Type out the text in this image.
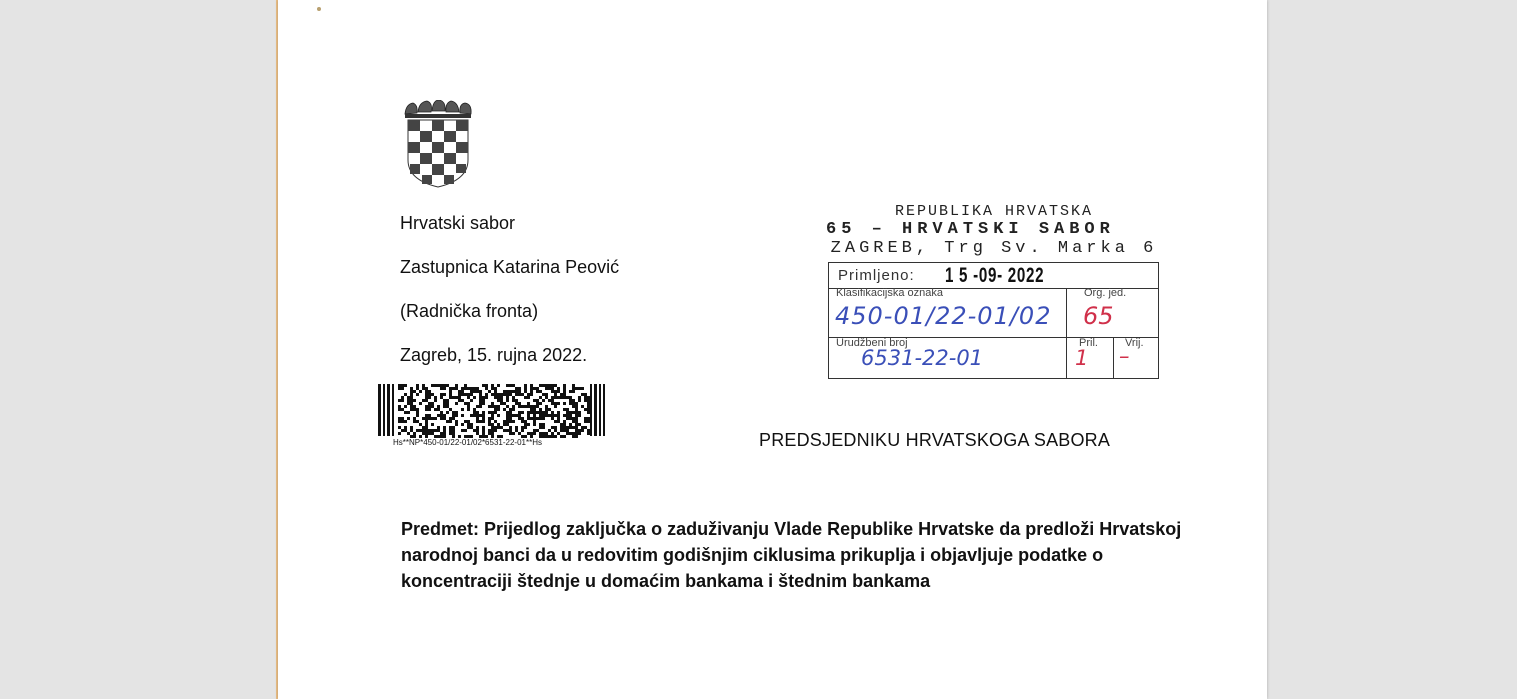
Hrvatski sabor
Zastupnica Katarina Peović
(Radnička fronta)
Zagreb, 15. rujna 2022.
Hs**NP*450-01/22-01/02*6531-22-01**Hs
REPUBLIKA HRVATSKA
65 – HRVATSKI SABOR
ZAGREB, Trg Sv. Marka 6
Primljeno: 1 5 -09- 2022
Klasifikacijska oznaka	Org. jed.
450-01/22-01/02 65
Urudžbeni broj	Pril. Vrij.
6531-22-01	1 –
PREDSJEDNIKU HRVATSKOGA SABORA
Predmet: Prijedlog zaključka o zaduživanju Vlade Republike Hrvatske da predloži Hrvatskoj narodnoj banci da u redovitim godišnjim ciklusima prikuplja i objavljuje podatke o koncentraciji štednje u domaćim bankama i štednim bankama
